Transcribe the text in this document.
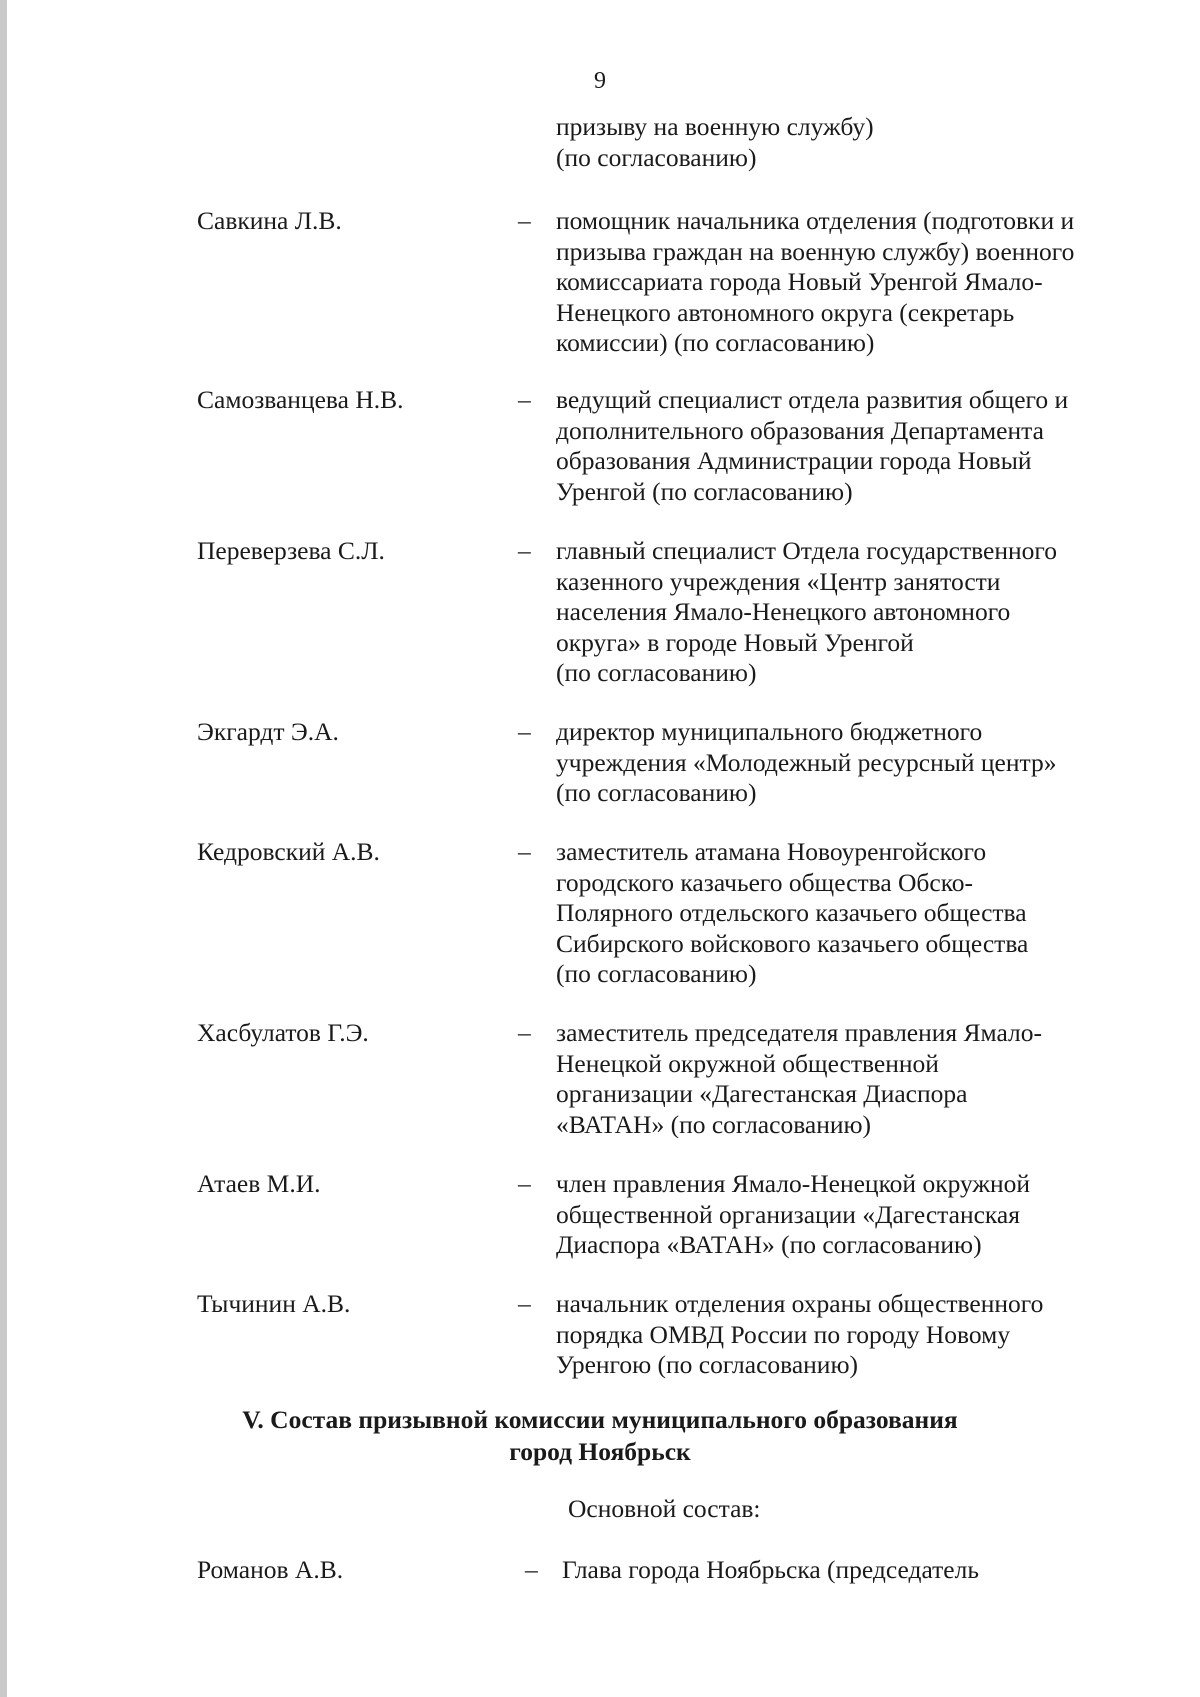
9
призыву на военную службу)
(по согласованию)
Савкина Л.В.	– помощник начальника отделения (подготовки и
призыва граждан на военную службу) военного
комиссариата города Новый Уренгой Ямало-
Ненецкого автономного округа (секретарь
комиссии) (по согласованию)
Самозванцева Н.В.	– ведущий специалист отдела развития общего и
дополнительного образования Департамента
образования Администрации города Новый
Уренгой (по согласованию)
Переверзева С.Л.	– главный специалист Отдела государственного
казенного учреждения «Центр занятости
населения Ямало-Ненецкого автономного
округа» в городе Новый Уренгой
(по согласованию)
Экгардт Э.А.	– директор муниципального бюджетного
учреждения «Молодежный ресурсный центр»
(по согласованию)
Кедровский А.В.	– заместитель атамана Новоуренгойского
городского казачьего общества Обско-
Полярного отдельского казачьего общества
Сибирского войскового казачьего общества
(по согласованию)
Хасбулатов Г.Э.	– заместитель председателя правления Ямало-
Ненецкой окружной общественной
организации «Дагестанская Диаспора
«ВАТАН» (по согласованию)
Атаев М.И.	– член правления Ямало-Ненецкой окружной
общественной организации «Дагестанская
Диаспора «ВАТАН» (по согласованию)
Тычинин А.В.	– начальник отделения охраны общественного
порядка ОМВД России по городу Новому
Уренгою (по согласованию)
V. Состав призывной комиссии муниципального образования
город Ноябрьск
Основной состав:
Романов А.В.	– Глава города Ноябрьска (председатель
